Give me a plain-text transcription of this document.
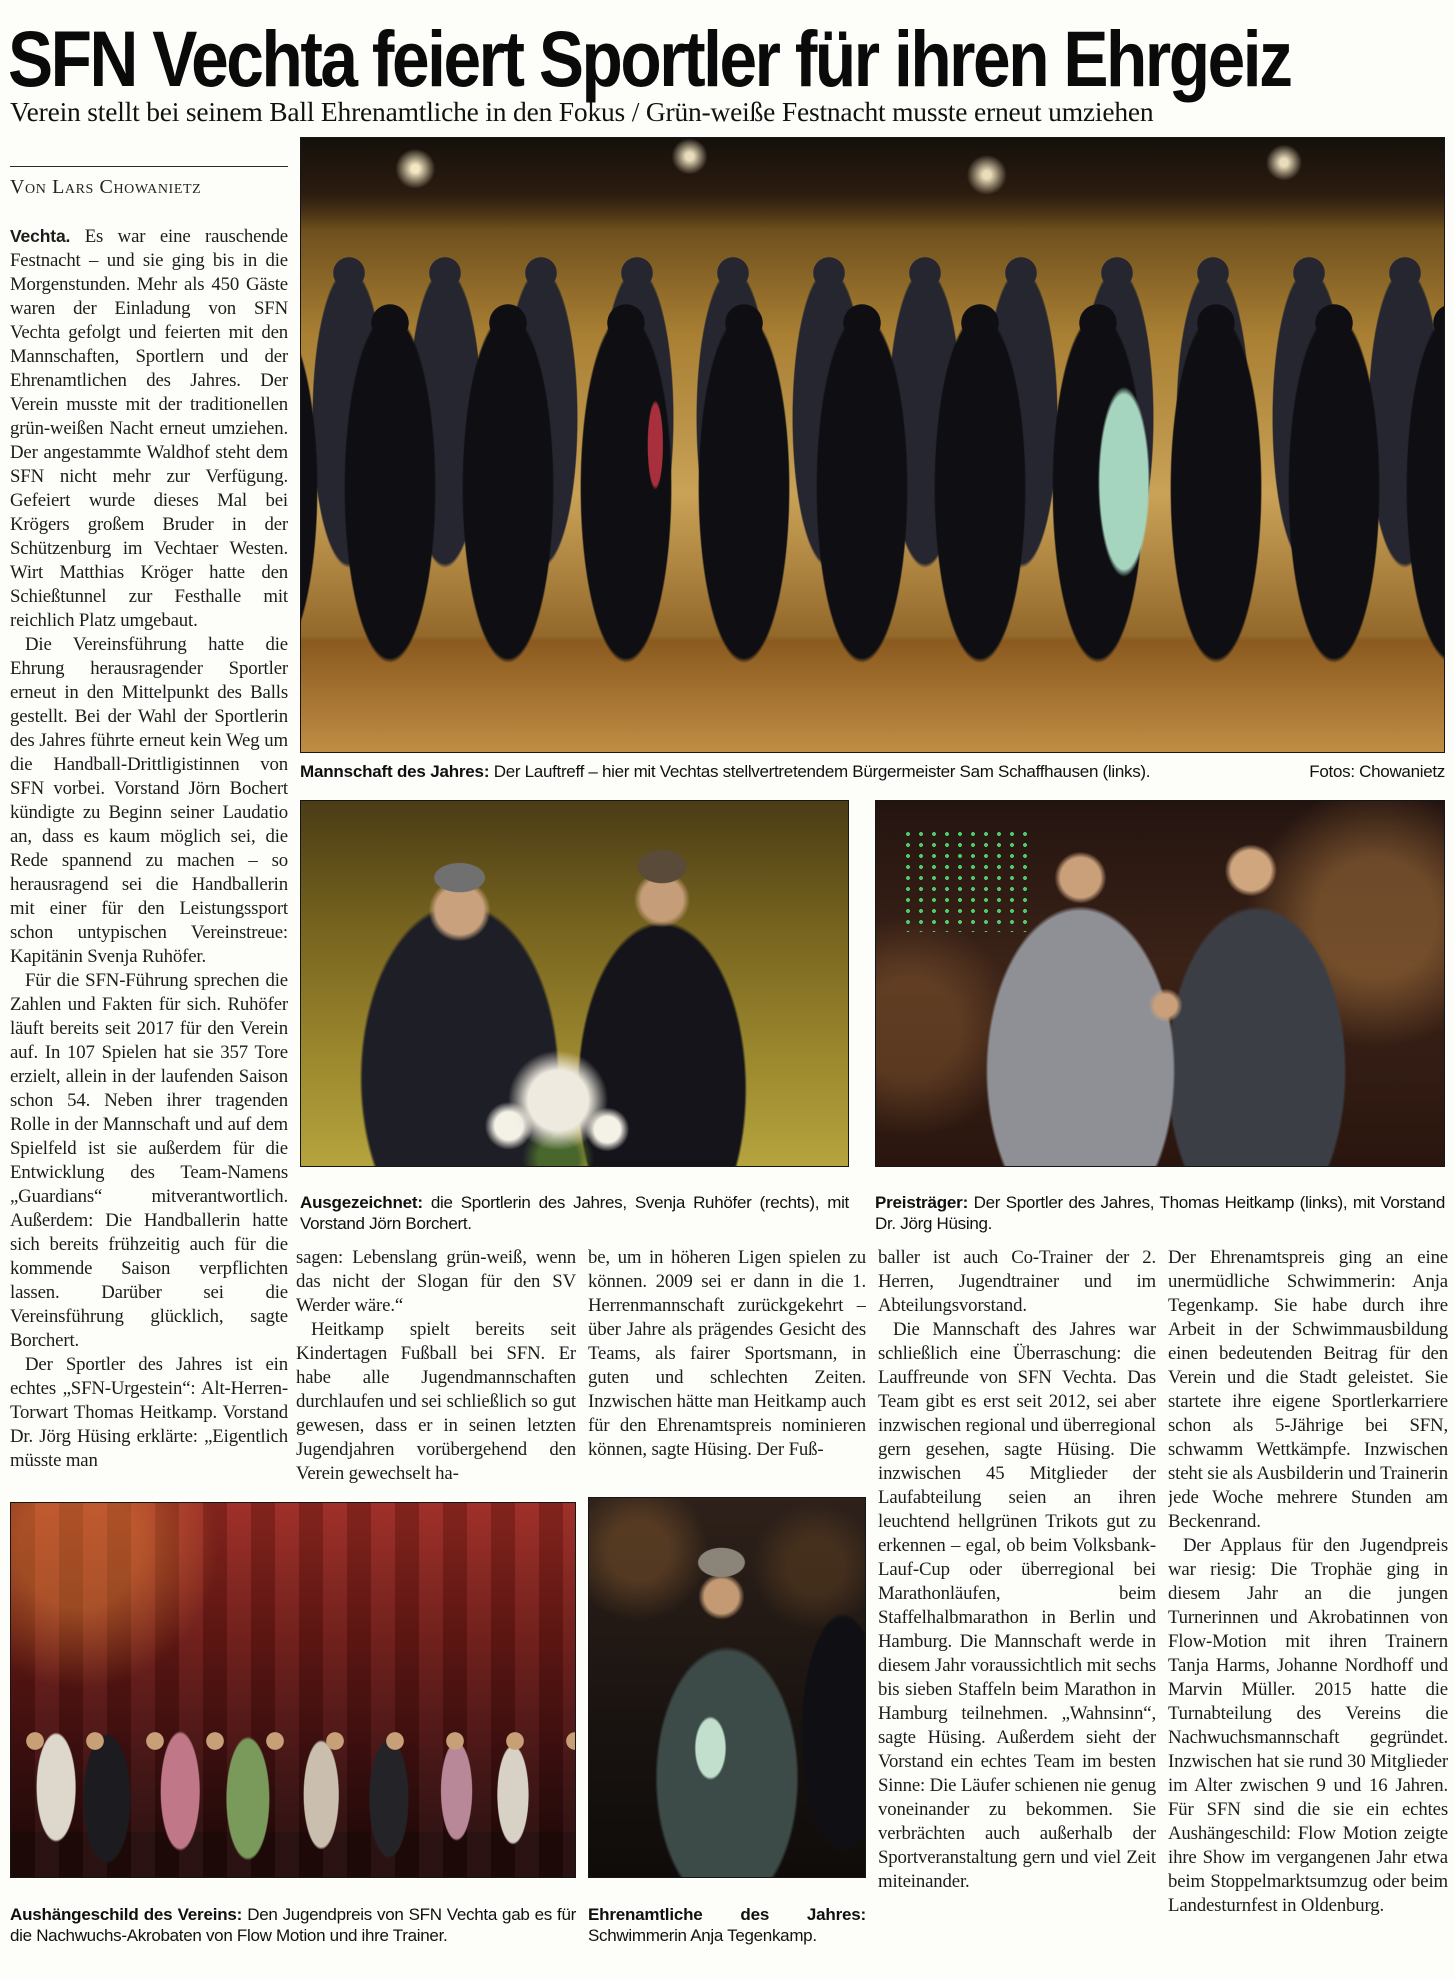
SFN Vechta feiert Sportler für ihren Ehrgeiz
Verein stellt bei seinem Ball Ehrenamtliche in den Fokus / Grün-weiße Festnacht musste erneut umziehen
Von Lars Chowanietz

Vechta. Es war eine rauschende Festnacht – und sie ging bis in die Morgenstunden. Mehr als 450 Gäste waren der Einladung von SFN Vechta gefolgt und feierten mit den Mannschaften, Sportlern und der Ehrenamtlichen des Jahres. Der Verein musste mit der traditionellen grün-weißen Nacht erneut umziehen. Der angestammte Waldhof steht dem SFN nicht mehr zur Verfügung. Gefeiert wurde dieses Mal bei Krögers großem Bruder in der Schützenburg im Vechtaer Westen. Wirt Matthias Kröger hatte den Schießtunnel zur Festhalle mit reichlich Platz umgebaut.

Die Vereinsführung hatte die Ehrung herausragender Sportler erneut in den Mittelpunkt des Balls gestellt. Bei der Wahl der Sportlerin des Jahres führte erneut kein Weg um die Handball-Drittligistinnen von SFN vorbei. Vorstand Jörn Bochert kündigte zu Beginn seiner Laudatio an, dass es kaum möglich sei, die Rede spannend zu machen – so herausragend sei die Handballerin mit einer für den Leistungssport schon untypischen Vereinstreue: Kapitänin Svenja Ruhöfer.

Für die SFN-Führung sprechen die Zahlen und Fakten für sich. Ruhöfer läuft bereits seit 2017 für den Verein auf. In 107 Spielen hat sie 357 Tore erzielt, allein in der laufenden Saison schon 54. Neben ihrer tragenden Rolle in der Mannschaft und auf dem Spielfeld ist sie außerdem für die Entwicklung des Team-Namens „Guardians“ mitverantwortlich. Außerdem: Die Handballerin hatte sich bereits frühzeitig auch für die kommende Saison verpflichten lassen. Darüber sei die Vereinsführung glücklich, sagte Borchert.

Der Sportler des Jahres ist ein echtes „SFN-Urgestein“: Alt-Herren-Torwart Thomas Heitkamp. Vorstand Dr. Jörg Hüsing erklärte: „Eigentlich müsste man

Mannschaft des Jahres: Der Lauftreff – hier mit Vechtas stellvertretendem Bürgermeister Sam Schaffhausen (links).	Fotos: Chowanietz

Ausgezeichnet: die Sportlerin des Jahres, Svenja Ruhöfer (rechts), mit Vorstand Jörn Borchert.

Preisträger: Der Sportler des Jahres, Thomas Heitkamp (links), mit Vorstand Dr. Jörg Hüsing.

sagen: Lebenslang grün-weiß, wenn das nicht der Slogan für den SV Werder wäre.“

Heitkamp spielt bereits seit Kindertagen Fußball bei SFN. Er habe alle Jugendmannschaften durchlaufen und sei schließlich so gut gewesen, dass er in seinen letzten Jugendjahren vorübergehend den Verein gewechselt ha-

be, um in höheren Ligen spielen zu können. 2009 sei er dann in die 1. Herrenmannschaft zurückgekehrt – über Jahre als prägendes Gesicht des Teams, als fairer Sportsmann, in guten und schlechten Zeiten. Inzwischen hätte man Heitkamp auch für den Ehrenamtspreis nominieren können, sagte Hüsing. Der Fuß-

baller ist auch Co-Trainer der 2. Herren, Jugendtrainer und im Abteilungsvorstand.

Die Mannschaft des Jahres war schließlich eine Überraschung: die Lauffreunde von SFN Vechta. Das Team gibt es erst seit 2012, sei aber inzwischen regional und überregional gern gesehen, sagte Hüsing. Die inzwischen 45 Mitglieder der Laufabteilung seien an ihren leuchtend hellgrünen Trikots gut zu erkennen – egal, ob beim Volksbank-Lauf-Cup oder überregional bei Marathonläufen, beim Staffelhalbmarathon in Berlin und Hamburg. Die Mannschaft werde in diesem Jahr voraussichtlich mit sechs bis sieben Staffeln beim Marathon in Hamburg teilnehmen. „Wahnsinn“, sagte Hüsing. Außerdem sieht der Vorstand ein echtes Team im besten Sinne: Die Läufer schienen nie genug voneinander zu bekommen. Sie verbrächten auch außerhalb der Sportveranstaltung gern und viel Zeit miteinander.

Der Ehrenamtspreis ging an eine unermüdliche Schwimmerin: Anja Tegenkamp. Sie habe durch ihre Arbeit in der Schwimmausbildung einen bedeutenden Beitrag für den Verein und die Stadt geleistet. Sie startete ihre eigene Sportlerkarriere schon als 5-Jährige bei SFN, schwamm Wettkämpfe. Inzwischen steht sie als Ausbilderin und Trainerin jede Woche mehrere Stunden am Beckenrand.

Der Applaus für den Jugendpreis war riesig: Die Trophäe ging in diesem Jahr an die jungen Turnerinnen und Akrobatinnen von Flow-Motion mit ihren Trainern Tanja Harms, Johanne Nordhoff und Marvin Müller. 2015 hatte die Turnabteilung des Vereins die Nachwuchsmannschaft gegründet. Inzwischen hat sie rund 30 Mitglieder im Alter zwischen 9 und 16 Jahren. Für SFN sind die sie ein echtes Aushängeschild: Flow Motion zeigte ihre Show im vergangenen Jahr etwa beim Stoppelmarktsumzug oder beim Landesturnfest in Oldenburg.

Aushängeschild des Vereins: Den Jugendpreis von SFN Vechta gab es für die Nachwuchs-Akrobaten von Flow Motion und ihre Trainer.

Ehrenamtliche des Jahres: Schwimmerin Anja Tegenkamp.
